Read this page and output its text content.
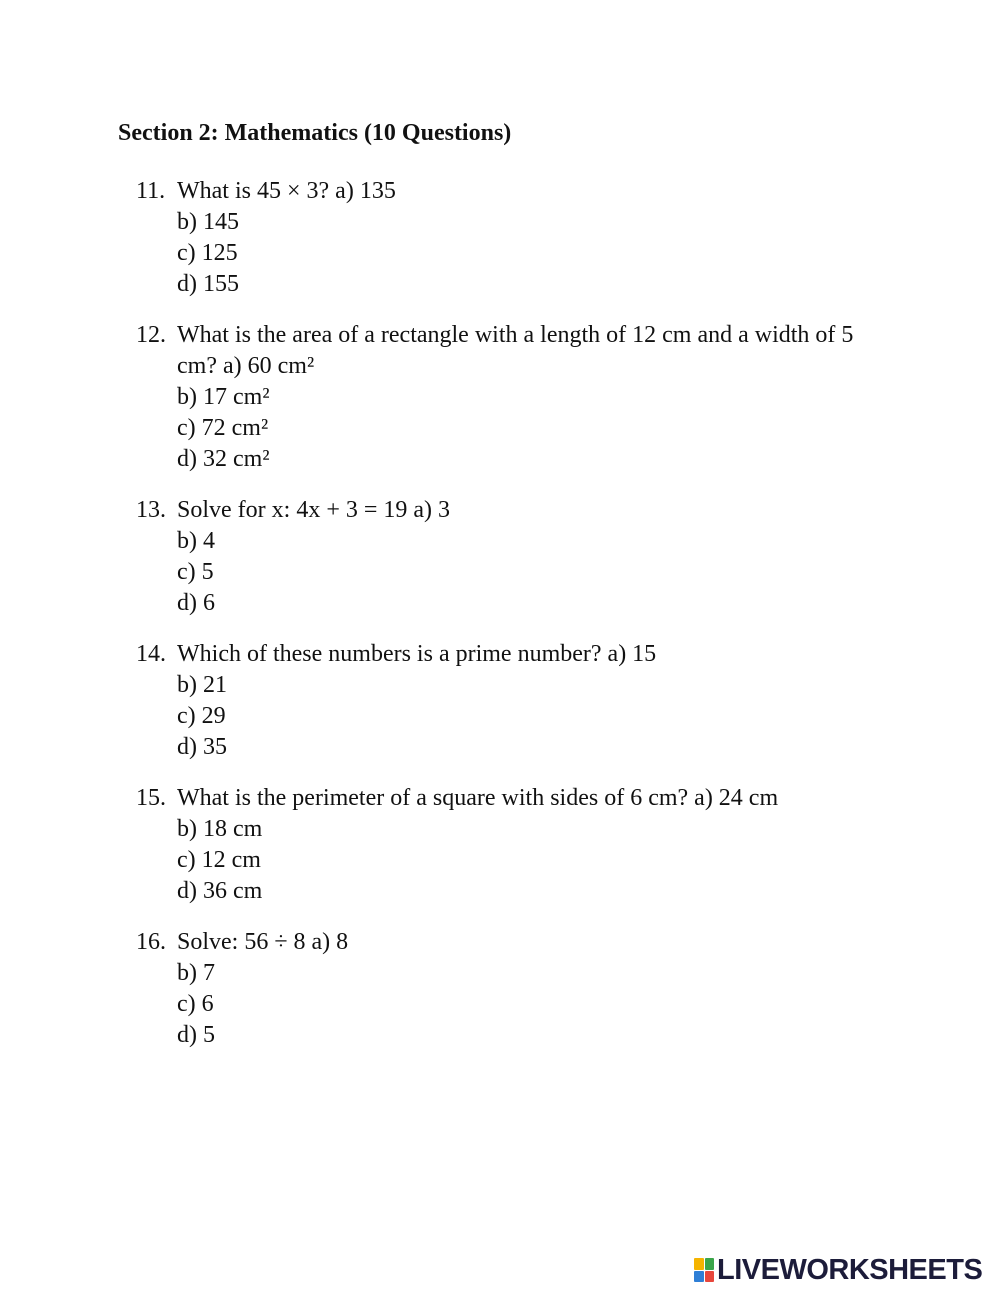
Section 2: Mathematics (10 Questions)
11. What is 45 × 3? a) 135
b) 145
c) 125
d) 155
12. What is the area of a rectangle with a length of 12 cm and a width of 5 cm? a) 60 cm²
b) 17 cm²
c) 72 cm²
d) 32 cm²
13. Solve for x: 4x + 3 = 19 a) 3
b) 4
c) 5
d) 6
14. Which of these numbers is a prime number? a) 15
b) 21
c) 29
d) 35
15. What is the perimeter of a square with sides of 6 cm? a) 24 cm
b) 18 cm
c) 12 cm
d) 36 cm
16. Solve: 56 ÷ 8 a) 8
b) 7
c) 6
d) 5
LIVEWORKSHEETS
